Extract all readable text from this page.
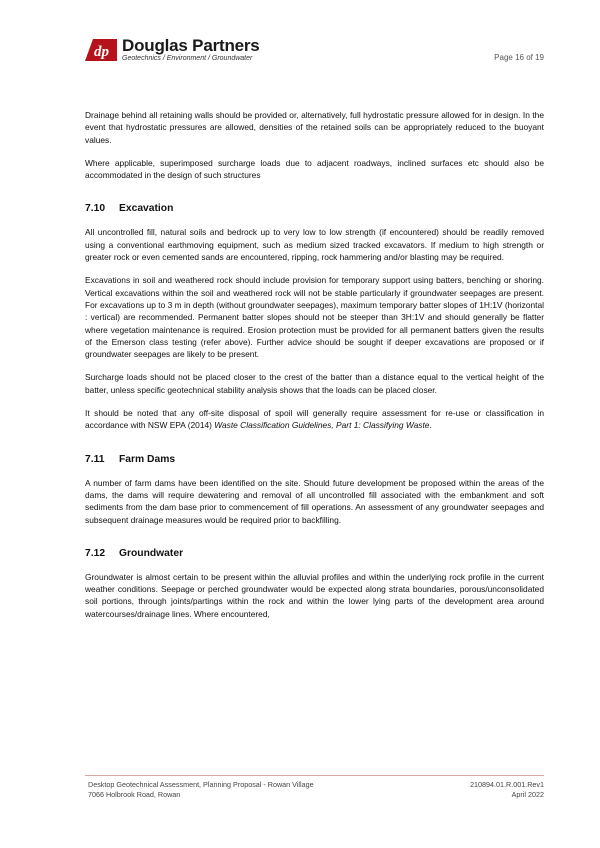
dp Douglas Partners
Geotechnics / Environment / Groundwater	Page 16 of 19

Drainage behind all retaining walls should be provided or, alternatively, full hydrostatic pressure allowed for in design. In the event that hydrostatic pressures are allowed, densities of the retained soils can be appropriately reduced to the buoyant values.

Where applicable, superimposed surcharge loads due to adjacent roadways, inclined surfaces etc should also be accommodated in the design of such structures

7.10 Excavation

All uncontrolled fill, natural soils and bedrock up to very low to low strength (if encountered) should be readily removed using a conventional earthmoving equipment, such as medium sized tracked excavators. If medium to high strength or greater rock or even cemented sands are encountered, ripping, rock hammering and/or blasting may be required.

Excavations in soil and weathered rock should include provision for temporary support using batters, benching or shoring. Vertical excavations within the soil and weathered rock will not be stable particularly if groundwater seepages are present. For excavations up to 3 m in depth (without groundwater seepages), maximum temporary batter slopes of 1H:1V (horizontal : vertical) are recommended. Permanent batter slopes should not be steeper than 3H:1V and should generally be flatter where vegetation maintenance is required. Erosion protection must be provided for all permanent batters given the results of the Emerson class testing (refer above). Further advice should be sought if deeper excavations are proposed or if groundwater seepages are likely to be present.

Surcharge loads should not be placed closer to the crest of the batter than a distance equal to the vertical height of the batter, unless specific geotechnical stability analysis shows that the loads can be placed closer.

It should be noted that any off-site disposal of spoil will generally require assessment for re-use or classification in accordance with NSW EPA (2014) Waste Classification Guidelines, Part 1: Classifying Waste.

7.11 Farm Dams

A number of farm dams have been identified on the site. Should future development be proposed within the areas of the dams, the dams will require dewatering and removal of all uncontrolled fill associated with the embankment and soft sediments from the dam base prior to commencement of fill operations. An assessment of any groundwater seepages and subsequent drainage measures would be required prior to backfilling.

7.12 Groundwater

Groundwater is almost certain to be present within the alluvial profiles and within the underlying rock profile in the current weather conditions. Seepage or perched groundwater would be expected along strata boundaries, porous/unconsolidated soil portions, through joints/partings within the rock and within the lower lying parts of the development area around watercourses/drainage lines. Where encountered,

Desktop Geotechnical Assessment, Planning Proposal - Rowan Village
7066 Holbrook Road, Rowan
210894.01.R.001.Rev1
April 2022
